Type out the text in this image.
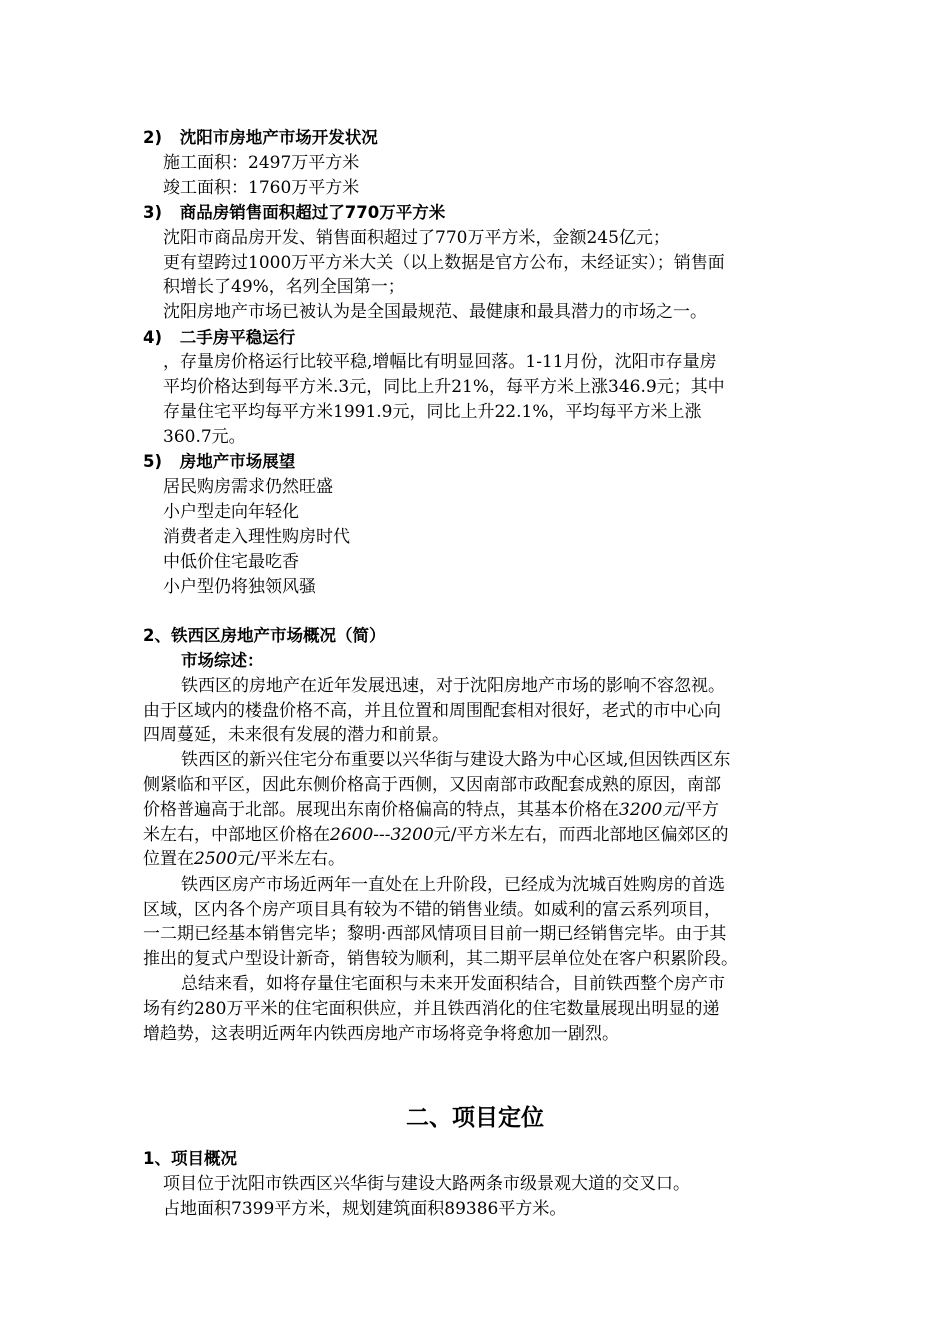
2) 沈阳市房地产市场开发状况
施工面积：2497万平方米
竣工面积：1760万平方米
3) 商品房销售面积超过了770万平方米
沈阳市商品房开发、销售面积超过了770万平方米，金额245亿元；
更有望跨过1000万平方米大关（以上数据是官方公布，未经证实）；销售面
积增长了49%，名列全国第一；
沈阳房地产市场已被认为是全国最规范、最健康和最具潜力的市场之一。
4) 二手房平稳运行
，存量房价格运行比较平稳,增幅比有明显回落。1-11月份，沈阳市存量房
平均价格达到每平方米.3元，同比上升21%，每平方米上涨346.9元；其中
存量住宅平均每平方米1991.9元，同比上升22.1%，平均每平方米上涨
360.7元。
5) 房地产市场展望
居民购房需求仍然旺盛
小户型走向年轻化
消费者走入理性购房时代
中低价住宅最吃香
小户型仍将独领风骚
2、铁西区房地产市场概况（简）
市场综述：
铁西区的房地产在近年发展迅速，对于沈阳房地产市场的影响不容忽视。
由于区域内的楼盘价格不高，并且位置和周围配套相对很好，老式的市中心向
四周蔓延，未来很有发展的潜力和前景。
铁西区的新兴住宅分布重要以兴华街与建设大路为中心区域,但因铁西区东
侧紧临和平区，因此东侧价格高于西侧，又因南部市政配套成熟的原因，南部
价格普遍高于北部。展现出东南价格偏高的特点，其基本价格在3200元/平方
米左右，中部地区价格在2600---3200元/平方米左右，而西北部地区偏郊区的
位置在2500元/平米左右。
铁西区房产市场近两年一直处在上升阶段，已经成为沈城百姓购房的首选
区域，区内各个房产项目具有较为不错的销售业绩。如威利的富云系列项目，
一二期已经基本销售完毕；黎明·西部风情项目目前一期已经销售完毕。由于其
推出的复式户型设计新奇，销售较为顺利，其二期平层单位处在客户积累阶段。
总结来看，如将存量住宅面积与未来开发面积结合，目前铁西整个房产市
场有约280万平米的住宅面积供应，并且铁西消化的住宅数量展现出明显的递
增趋势，这表明近两年内铁西房地产市场将竞争将愈加一剧烈。
二、项目定位
1、项目概况
项目位于沈阳市铁西区兴华街与建设大路两条市级景观大道的交叉口。
占地面积7399平方米，规划建筑面积89386平方米。
